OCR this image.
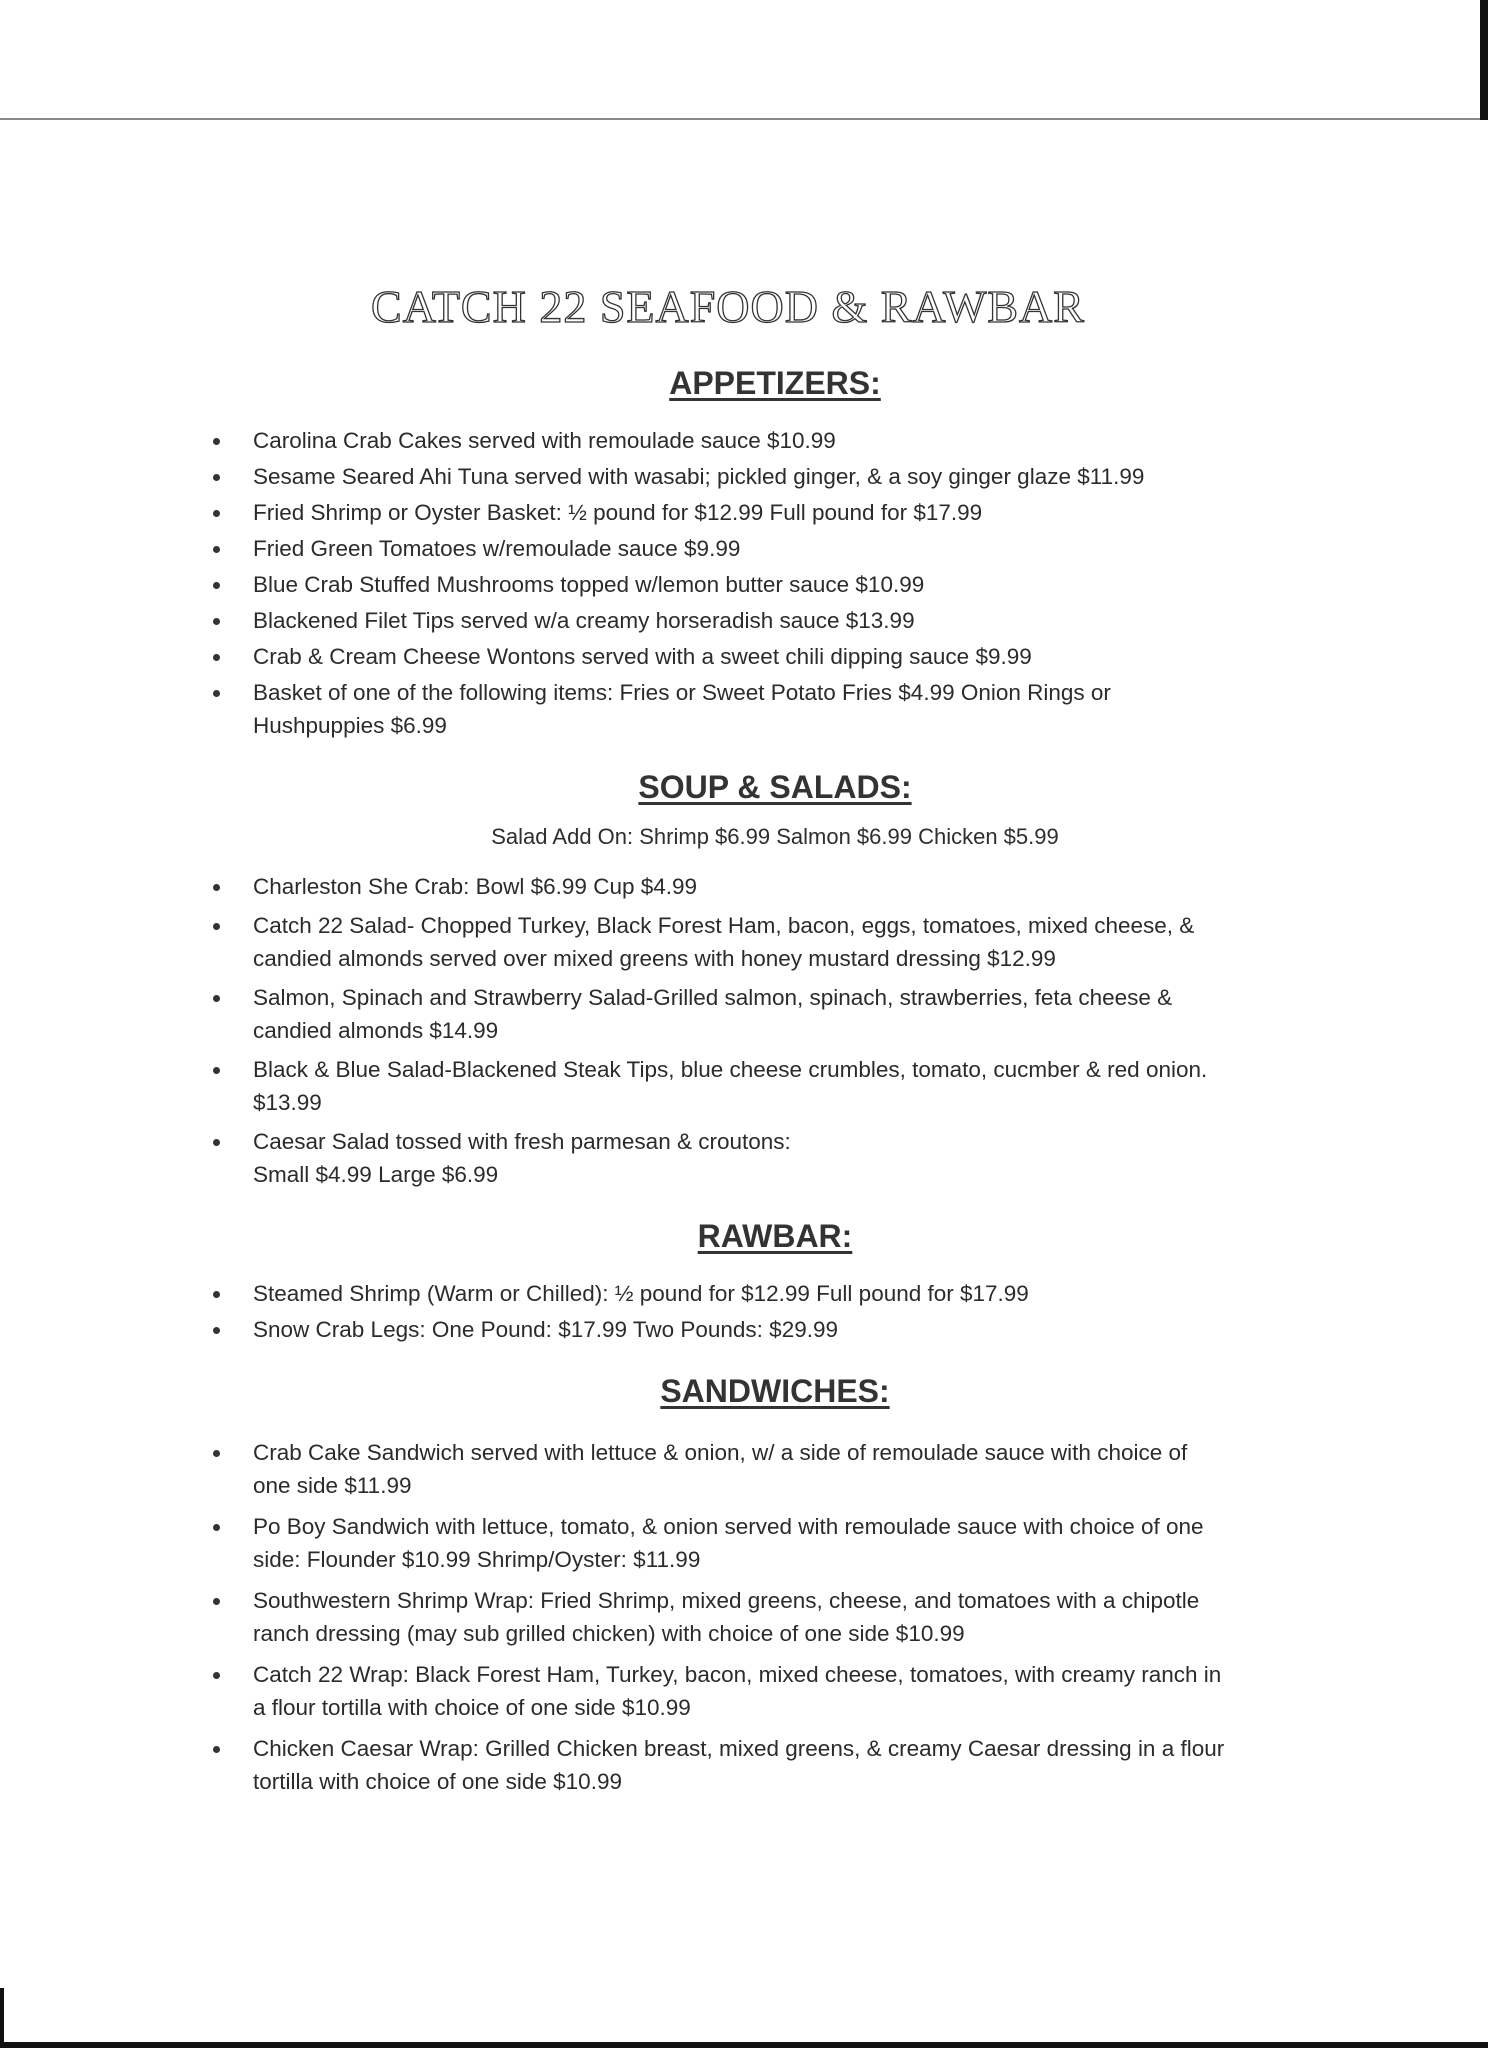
CATCH 22 SEAFOOD & RAWBAR
APPETIZERS:
Carolina Crab Cakes served with remoulade sauce $10.99
Sesame Seared Ahi Tuna served with wasabi; pickled ginger, & a soy ginger glaze $11.99
Fried Shrimp or Oyster Basket: ½ pound for $12.99 Full pound for $17.99
Fried Green Tomatoes w/remoulade sauce $9.99
Blue Crab Stuffed Mushrooms topped w/lemon butter sauce $10.99
Blackened Filet Tips served w/a creamy horseradish sauce $13.99
Crab & Cream Cheese Wontons served with a sweet chili dipping sauce $9.99
Basket of one of the following items: Fries or Sweet Potato Fries $4.99 Onion Rings or
Hushpuppies $6.99
SOUP & SALADS:

Salad Add On: Shrimp $6.99 Salmon $6.99 Chicken $5.99

Charleston She Crab: Bowl $6.99 Cup $4.99
Catch 22 Salad- Chopped Turkey, Black Forest Ham, bacon, eggs, tomatoes, mixed cheese, &
candied almonds served over mixed greens with honey mustard dressing $12.99
Salmon, Spinach and Strawberry Salad-Grilled salmon, spinach, strawberries, feta cheese &
candied almonds $14.99
Black & Blue Salad-Blackened Steak Tips, blue cheese crumbles, tomato, cucmber & red onion.
$13.99
Caesar Salad tossed with fresh parmesan & croutons:
Small $4.99 Large $6.99
RAWBAR:
Steamed Shrimp (Warm or Chilled): ½ pound for $12.99 Full pound for $17.99
Snow Crab Legs: One Pound: $17.99 Two Pounds: $29.99
SANDWICHES:
Crab Cake Sandwich served with lettuce & onion, w/ a side of remoulade sauce with choice of
one side $11.99
Po Boy Sandwich with lettuce, tomato, & onion served with remoulade sauce with choice of one
side: Flounder $10.99 Shrimp/Oyster: $11.99
Southwestern Shrimp Wrap: Fried Shrimp, mixed greens, cheese, and tomatoes with a chipotle
ranch dressing (may sub grilled chicken) with choice of one side $10.99
Catch 22 Wrap: Black Forest Ham, Turkey, bacon, mixed cheese, tomatoes, with creamy ranch in
a flour tortilla with choice of one side $10.99
Chicken Caesar Wrap: Grilled Chicken breast, mixed greens, & creamy Caesar dressing in a flour
tortilla with choice of one side $10.99
